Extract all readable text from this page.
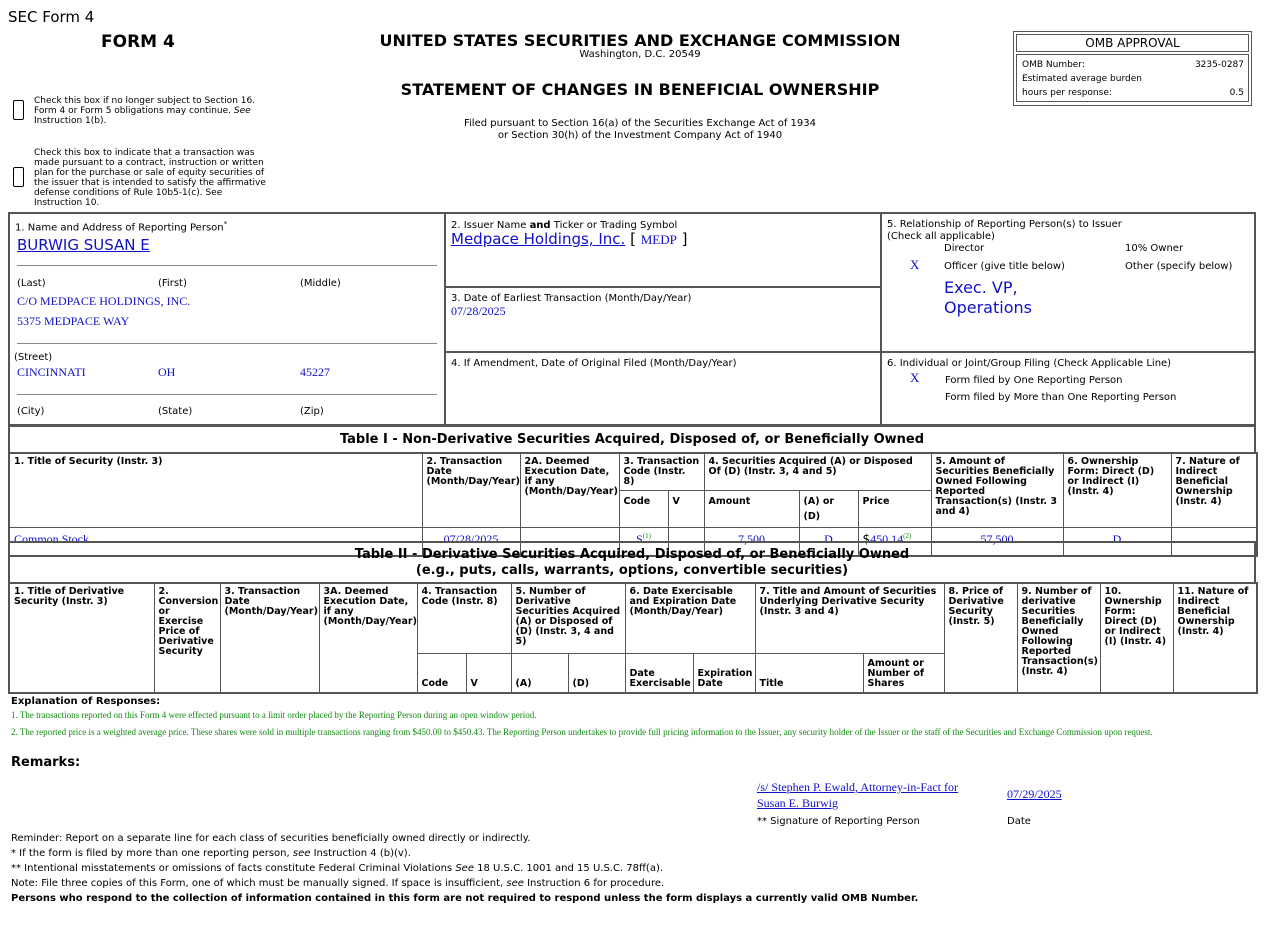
SEC Form 4
FORM 4	UNITED STATES SECURITIES AND EXCHANGE COMMISSION
Washington, D.C. 20549
STATEMENT OF CHANGES IN BENEFICIAL OWNERSHIP
Filed pursuant to Section 16(a) of the Securities Exchange Act of 1934
or Section 30(h) of the Investment Company Act of 1940
OMB APPROVAL
OMB Number:	3235-0287
Estimated average burden
hours per response:	0.5
Check this box if no longer subject to Section 16.
Form 4 or Form 5 obligations may continue. See
Instruction 1(b).
Check this box to indicate that a transaction was
made pursuant to a contract, instruction or written
plan for the purchase or sale of equity securities of
the issuer that is intended to satisfy the affirmative
defense conditions of Rule 10b5-1(c). See
Instruction 10.
1. Name and Address of Reporting Person*
BURWIG SUSAN E
(Last)	(First)	(Middle)
C/O MEDPACE HOLDINGS, INC.
5375 MEDPACE WAY
(Street)
CINCINNATI	OH	45227
(City)	(State)	(Zip)
2. Issuer Name and Ticker or Trading Symbol
Medpace Holdings, Inc. [ MEDP ]
3. Date of Earliest Transaction (Month/Day/Year)
07/28/2025
4. If Amendment, Date of Original Filed (Month/Day/Year)
5. Relationship of Reporting Person(s) to Issuer
(Check all applicable)
Director	10% Owner
X Officer (give title below)	Other (specify below)
Exec. VP,
Operations
6. Individual or Joint/Group Filing (Check Applicable Line)
X	Form filed by One Reporting Person
Form filed by More than One Reporting Person
Table I - Non-Derivative Securities Acquired, Disposed of, or Beneficially Owned
1. Title of Security (Instr. 3)	2. Transaction Date (Month/Day/Year)	2A. Deemed Execution Date, if any (Month/Day/Year)	3. Transaction Code (Instr. 8)		4. Securities Acquired (A) or Disposed Of (D) (Instr. 3, 4 and 5)			5. Amount of Securities Beneficially Owned Following Reported Transaction(s) (Instr. 3 and 4)	6. Ownership Form: Direct (D) or Indirect (I) (Instr. 4)	7. Nature of Indirect Beneficial Ownership (Instr. 4)
			Code	V	Amount	(A) or (D)	Price			
Common Stock	07/28/2025		$S^{(1)}$		7,500	D	$450.14$^{(2)}$	57,500	D	
Table II - Derivative Securities Acquired, Disposed of, or Beneficially Owned
(e.g., puts, calls, warrants, options, convertible securities)
1. Title of Derivative Security (Instr. 3)	2. Conversion or Exercise Price of Derivative Security	3. Transaction Date (Month/Day/Year)	3A. Deemed Execution Date, if any (Month/Day/Year)	4. Transaction Code (Instr. 8)		5. Number of Derivative Securities Acquired (A) or Disposed of (D) (Instr. 3, 4 and 5)		6. Date Exercisable and Expiration Date (Month/Day/Year)		7. Title and Amount of Securities Underlying Derivative Security (Instr. 3 and 4)		8. Price of Derivative Security (Instr. 5)	9. Number of derivative Securities Beneficially Owned Following Reported Transaction(s) (Instr. 4)	10. Ownership Form: Direct (D) or Indirect (I) (Instr. 4)	11. Nature of Indirect Beneficial Ownership (Instr. 4)
				Code	V	(A)	(D)	Date Exercisable	Expiration Date	Title	Amount or Number of Shares				
Explanation of Responses:
1. The transactions reported on this Form 4 were effected pursuant to a limit order placed by the Reporting Person during an open window period.
2. The reported price is a weighted average price. These shares were sold in multiple transactions ranging from $450.00 to $450.43. The Reporting Person undertakes to provide full pricing information to the Issuer, any security holder of the Issuer or the staff of the Securities and Exchange Commission upon request.
Remarks:
/s/ Stephen P. Ewald, Attorney-in-Fact for
Susan E. Burwig
07/29/2025
** Signature of Reporting Person	Date
Reminder: Report on a separate line for each class of securities beneficially owned directly or indirectly.
* If the form is filed by more than one reporting person, see Instruction 4 (b)(v).
** Intentional misstatements or omissions of facts constitute Federal Criminal Violations See 18 U.S.C. 1001 and 15 U.S.C. 78ff(a).
Note: File three copies of this Form, one of which must be manually signed. If space is insufficient, see Instruction 6 for procedure.
Persons who respond to the collection of information contained in this form are not required to respond unless the form displays a currently valid OMB Number.
